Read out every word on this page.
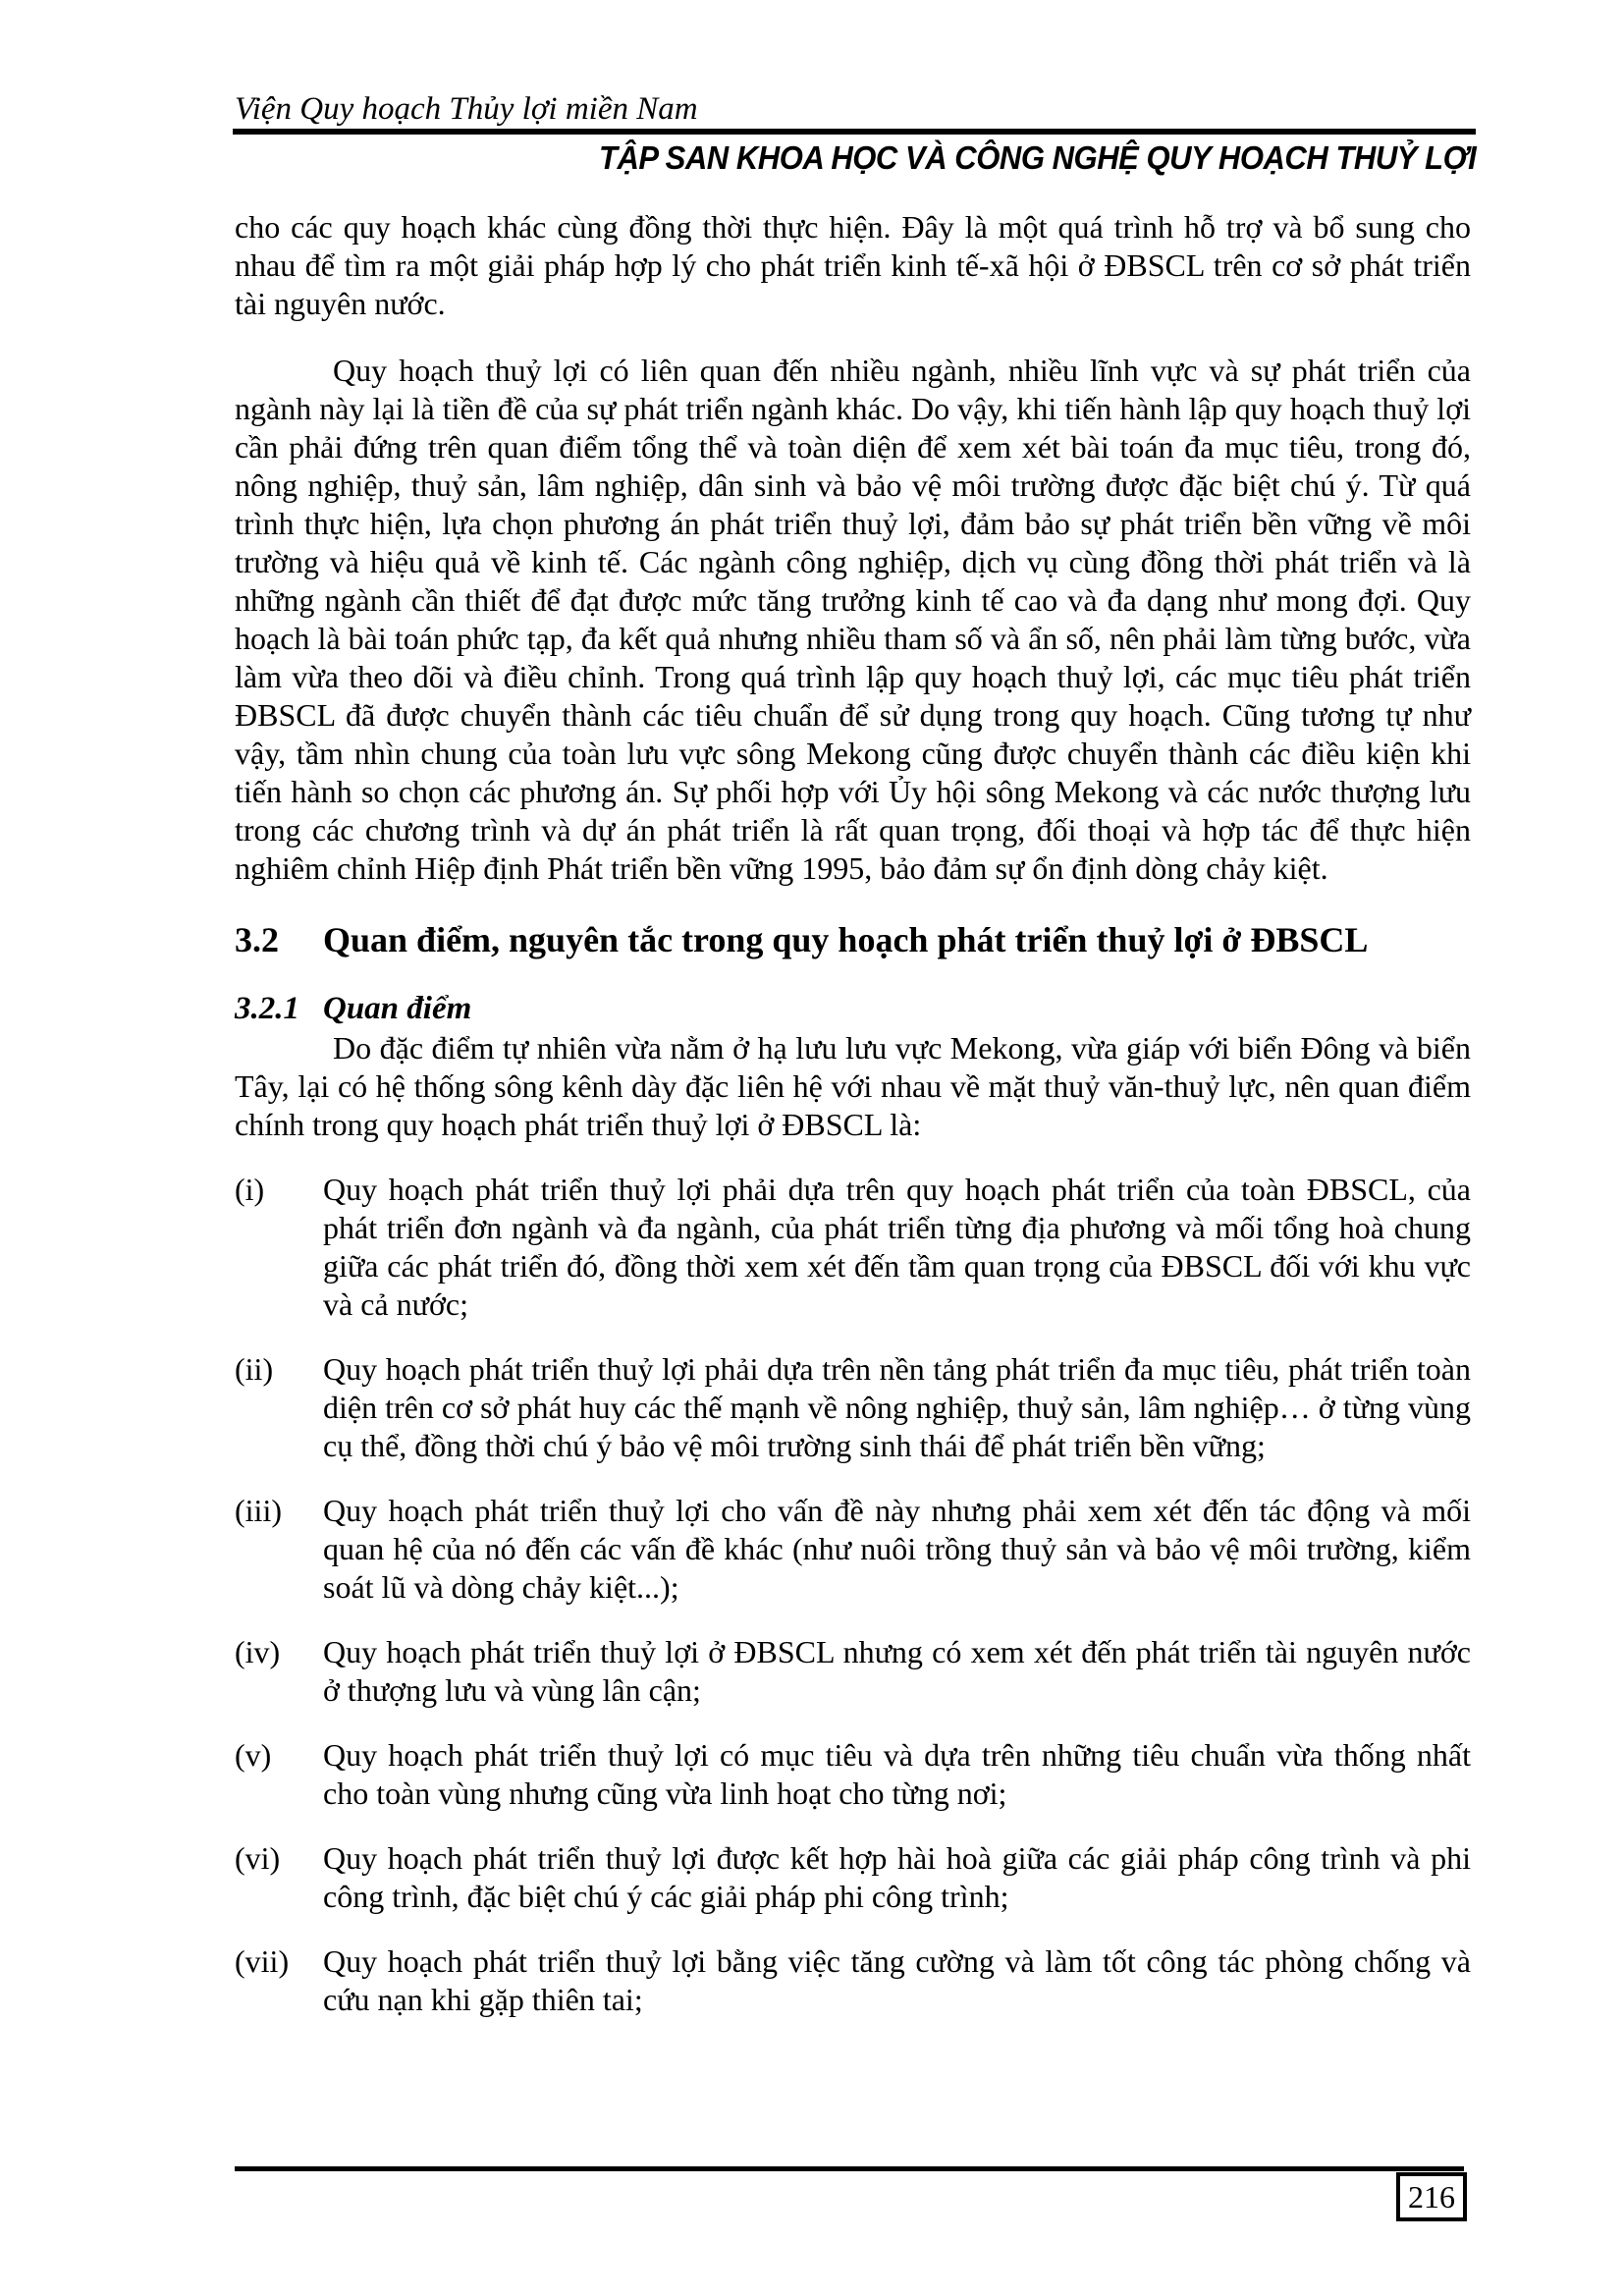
Viện Quy hoạch Thủy lợi miền Nam
TẬP SAN KHOA HỌC VÀ CÔNG NGHỆ QUY HOẠCH THUỶ LỢI

cho các quy hoạch khác cùng đồng thời thực hiện. Đây là một quá trình hỗ trợ và bổ sung cho nhau để tìm ra một giải pháp hợp lý cho phát triển kinh tế-xã hội ở ĐBSCL trên cơ sở phát triển tài nguyên nước.

Quy hoạch thuỷ lợi có liên quan đến nhiều ngành, nhiều lĩnh vực và sự phát triển của ngành này lại là tiền đề của sự phát triển ngành khác. Do vậy, khi tiến hành lập quy hoạch thuỷ lợi cần phải đứng trên quan điểm tổng thể và toàn diện để xem xét bài toán đa mục tiêu, trong đó, nông nghiệp, thuỷ sản, lâm nghiệp, dân sinh và bảo vệ môi trường được đặc biệt chú ý. Từ quá trình thực hiện, lựa chọn phương án phát triển thuỷ lợi, đảm bảo sự phát triển bền vững về môi trường và hiệu quả về kinh tế. Các ngành công nghiệp, dịch vụ cùng đồng thời phát triển và là những ngành cần thiết để đạt được mức tăng trưởng kinh tế cao và đa dạng như mong đợi. Quy hoạch là bài toán phức tạp, đa kết quả nhưng nhiều tham số và ẩn số, nên phải làm từng bước, vừa làm vừa theo dõi và điều chỉnh. Trong quá trình lập quy hoạch thuỷ lợi, các mục tiêu phát triển ĐBSCL đã được chuyển thành các tiêu chuẩn để sử dụng trong quy hoạch. Cũng tương tự như vậy, tầm nhìn chung của toàn lưu vực sông Mekong cũng được chuyển thành các điều kiện khi tiến hành so chọn các phương án. Sự phối hợp với Ủy hội sông Mekong và các nước thượng lưu trong các chương trình và dự án phát triển là rất quan trọng, đối thoại và hợp tác để thực hiện nghiêm chỉnh Hiệp định Phát triển bền vững 1995, bảo đảm sự ổn định dòng chảy kiệt.

3.2	Quan điểm, nguyên tắc trong quy hoạch phát triển thuỷ lợi ở ĐBSCL
3.2.1 Quan điểm

Do đặc điểm tự nhiên vừa nằm ở hạ lưu lưu vực Mekong, vừa giáp với biển Đông và biển Tây, lại có hệ thống sông kênh dày đặc liên hệ với nhau về mặt thuỷ văn-thuỷ lực, nên quan điểm chính trong quy hoạch phát triển thuỷ lợi ở ĐBSCL là:

(i)	Quy hoạch phát triển thuỷ lợi phải dựa trên quy hoạch phát triển của toàn ĐBSCL, của phát triển đơn ngành và đa ngành, của phát triển từng địa phương và mối tổng hoà chung giữa các phát triển đó, đồng thời xem xét đến tầm quan trọng của ĐBSCL đối với khu vực và cả nước;
(ii)	Quy hoạch phát triển thuỷ lợi phải dựa trên nền tảng phát triển đa mục tiêu, phát triển toàn diện trên cơ sở phát huy các thế mạnh về nông nghiệp, thuỷ sản, lâm nghiệp… ở từng vùng cụ thể, đồng thời chú ý bảo vệ môi trường sinh thái để phát triển bền vững;
(iii)	Quy hoạch phát triển thuỷ lợi cho vấn đề này nhưng phải xem xét đến tác động và mối quan hệ của nó đến các vấn đề khác (như nuôi trồng thuỷ sản và bảo vệ môi trường, kiểm soát lũ và dòng chảy kiệt...);
(iv)	Quy hoạch phát triển thuỷ lợi ở ĐBSCL nhưng có xem xét đến phát triển tài nguyên nước ở thượng lưu và vùng lân cận;
(v)	Quy hoạch phát triển thuỷ lợi có mục tiêu và dựa trên những tiêu chuẩn vừa thống nhất cho toàn vùng nhưng cũng vừa linh hoạt cho từng nơi;
(vi)	Quy hoạch phát triển thuỷ lợi được kết hợp hài hoà giữa các giải pháp công trình và phi công trình, đặc biệt chú ý các giải pháp phi công trình;
(vii)	Quy hoạch phát triển thuỷ lợi bằng việc tăng cường và làm tốt công tác phòng chống và cứu nạn khi gặp thiên tai;
216
